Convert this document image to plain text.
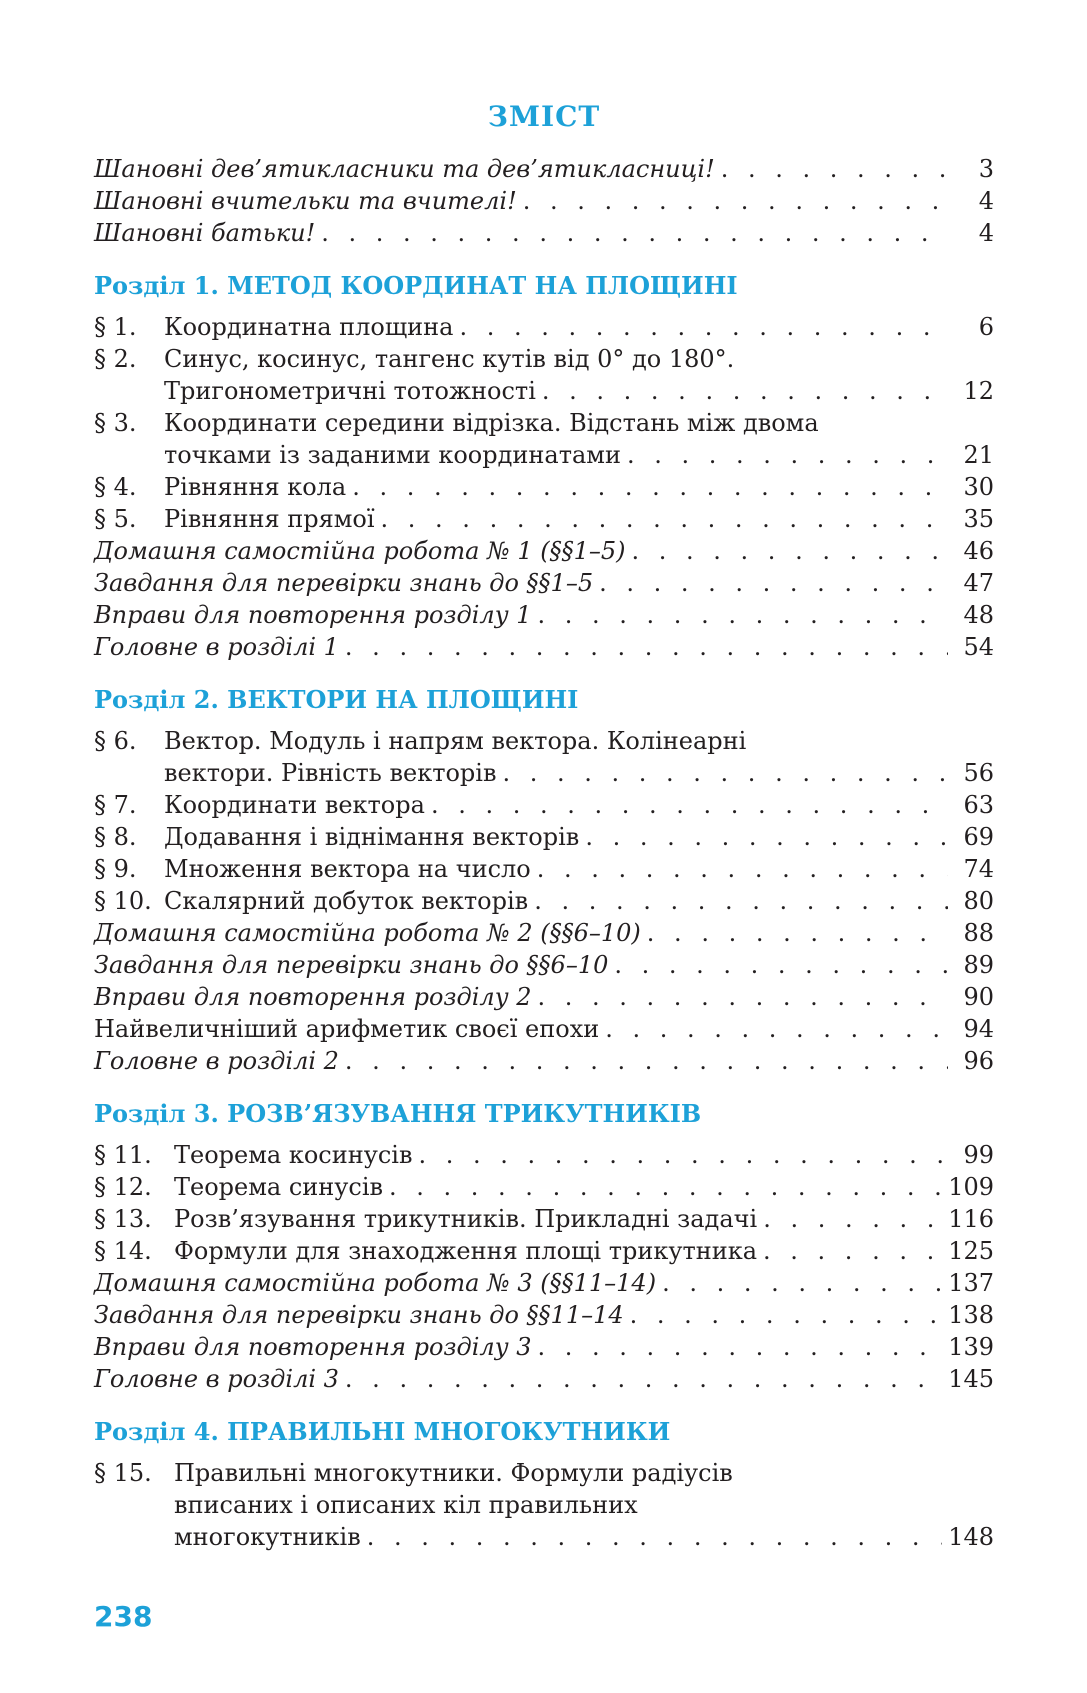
ЗМІСТ
Шановні дев’ятикласники та дев’ятикласниці! . . .	3
Шановні вчительки та вчителі! . . .	4
Шановні батьки! . . .	4
Розділ 1. МЕТОД КООРДИНАТ НА ПЛОЩИНІ
§ 1.	Координатна площина . . .	6
§ 2.	Синус, косинус, тангенс кутів від 0° до 180°.
Тригонометричні тотожності . . .	12
§ 3.	Координати середини відрізка. Відстань між двома
точками із заданими координатами . . .	21
§ 4.	Рівняння кола . . .	30
§ 5.	Рівняння прямої . . .	35
Домашня самостійна робота № 1 (§§1–5) . . .	46
Завдання для перевірки знань до §§1–5 . . .	47
Вправи для повторення розділу 1 . . .	48
Головне в розділі 1 . . .	54
Розділ 2. ВЕКТОРИ НА ПЛОЩИНІ
§ 6.	Вектор. Модуль і напрям вектора. Колінеарні
вектори. Рівність векторів . . .	56
§ 7.	Координати вектора . . .	63
§ 8.	Додавання і віднімання векторів . . .	69
§ 9.	Множення вектора на число . . .	74
§ 10. Скалярний добуток векторів . . .	80
Домашня самостійна робота № 2 (§§6–10) . . .	88
Завдання для перевірки знань до §§6–10 . . .	89
Вправи для повторення розділу 2 . . .	90
Найвеличніший арифметик своєї епохи . . .	94
Головне в розділі 2 . . .	96
Розділ 3. РОЗВ’ЯЗУВАННЯ ТРИКУТНИКІВ
§ 11. Теорема косинусів . . .	99
§ 12. Теорема синусів . . .	109
§ 13. Розв’язування трикутників. Прикладні задачі . . .	116
§ 14. Формули для знаходження площі трикутника . . .	125
Домашня самостійна робота № 3 (§§11–14) . . .	137
Завдання для перевірки знань до §§11–14 . . .	138
Вправи для повторення розділу 3 . . .	139
Головне в розділі 3 . . .	145
Розділ 4. ПРАВИЛЬНІ МНОГОКУТНИКИ
§ 15. Правильні многокутники. Формули радіусів
вписаних і описаних кіл правильних
многокутників . . .	148
238
